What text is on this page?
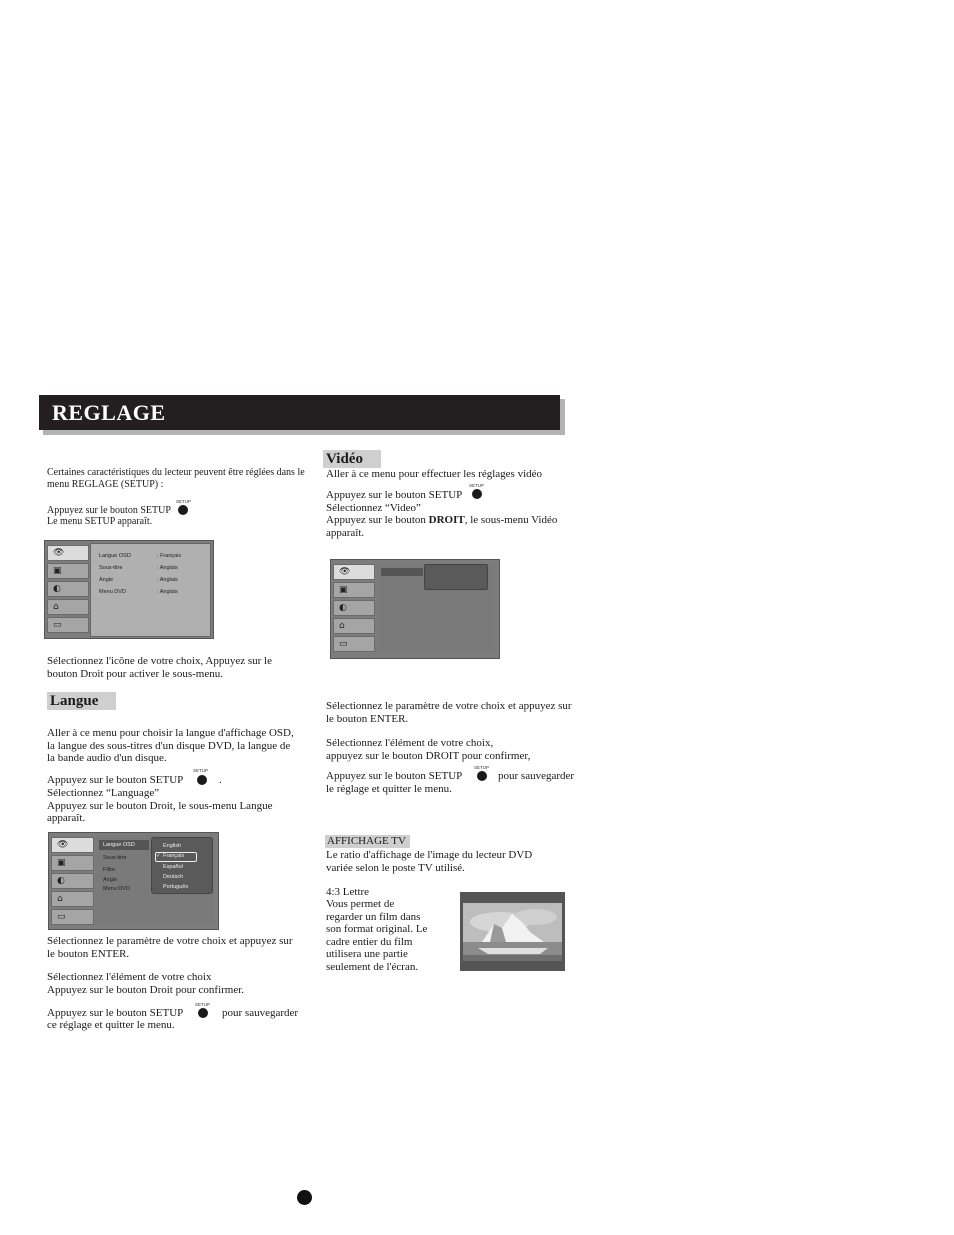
REGLAGE
Certaines caractéristiques du lecteur peuvent être réglées dans le
menu REGLAGE (SETUP) :
Appuyez sur le bouton SETUP
SETUP
Le menu SETUP apparaît.
👁
▣
◐
⌂
▭
Langue OSD
Sous-titre
Angle
Menu DVD
: Français
: Anglais
: Anglais
: Anglais
Sélectionnez l'icône de votre choix, Appuyez sur le
bouton Droit pour activer le sous-menu.
Langue
Aller à ce menu pour choisir la langue d'affichage OSD,
la langue des sous-titres d'un disque DVD, la langue de
la bande audio d'un disque.
Appuyez sur le bouton SETUP
SETUP
.
Sélectionnez “Language”
Appuyez sur le bouton Droit, le sous-menu Langue
apparaît.
👁
▣
◐
⌂
▭
Langue OSD
Sous-titre
Filtre
Angle
Menu DVD
English
✓ Français
Español
Deutsch
Português
Sélectionnez le paramètre de votre choix et appuyez sur
le bouton ENTER.
Sélectionnez l'élément de votre choix
Appuyez sur le bouton Droit pour confirmer.
Appuyez sur le bouton SETUP
SETUP
pour sauvegarder
ce réglage et quitter le menu.
Vidéo
Aller à ce menu pour effectuer les réglages vidéo
Appuyez sur le bouton SETUP
SETUP
Sélectionnez “Video”
Appuyez sur le bouton DROIT, le sous-menu Vidéo
apparaît.
👁
▣
◐
⌂
▭
Sélectionnez le paramètre de votre choix et appuyez sur
le bouton ENTER.
Sélectionnez l'élément de votre choix,
appuyez sur le bouton DROIT pour confirmer,
Appuyez sur le bouton SETUP
SETUP
pour sauvegarder
le réglage et quitter le menu.
AFFICHAGE TV
Le ratio d'affichage de l'image du lecteur DVD
variée selon le poste TV utilisé.
4:3 Lettre
Vous permet de
regarder un film dans
son format original. Le
cadre entier du film
utilisera une partie
seulement de l'écran.
